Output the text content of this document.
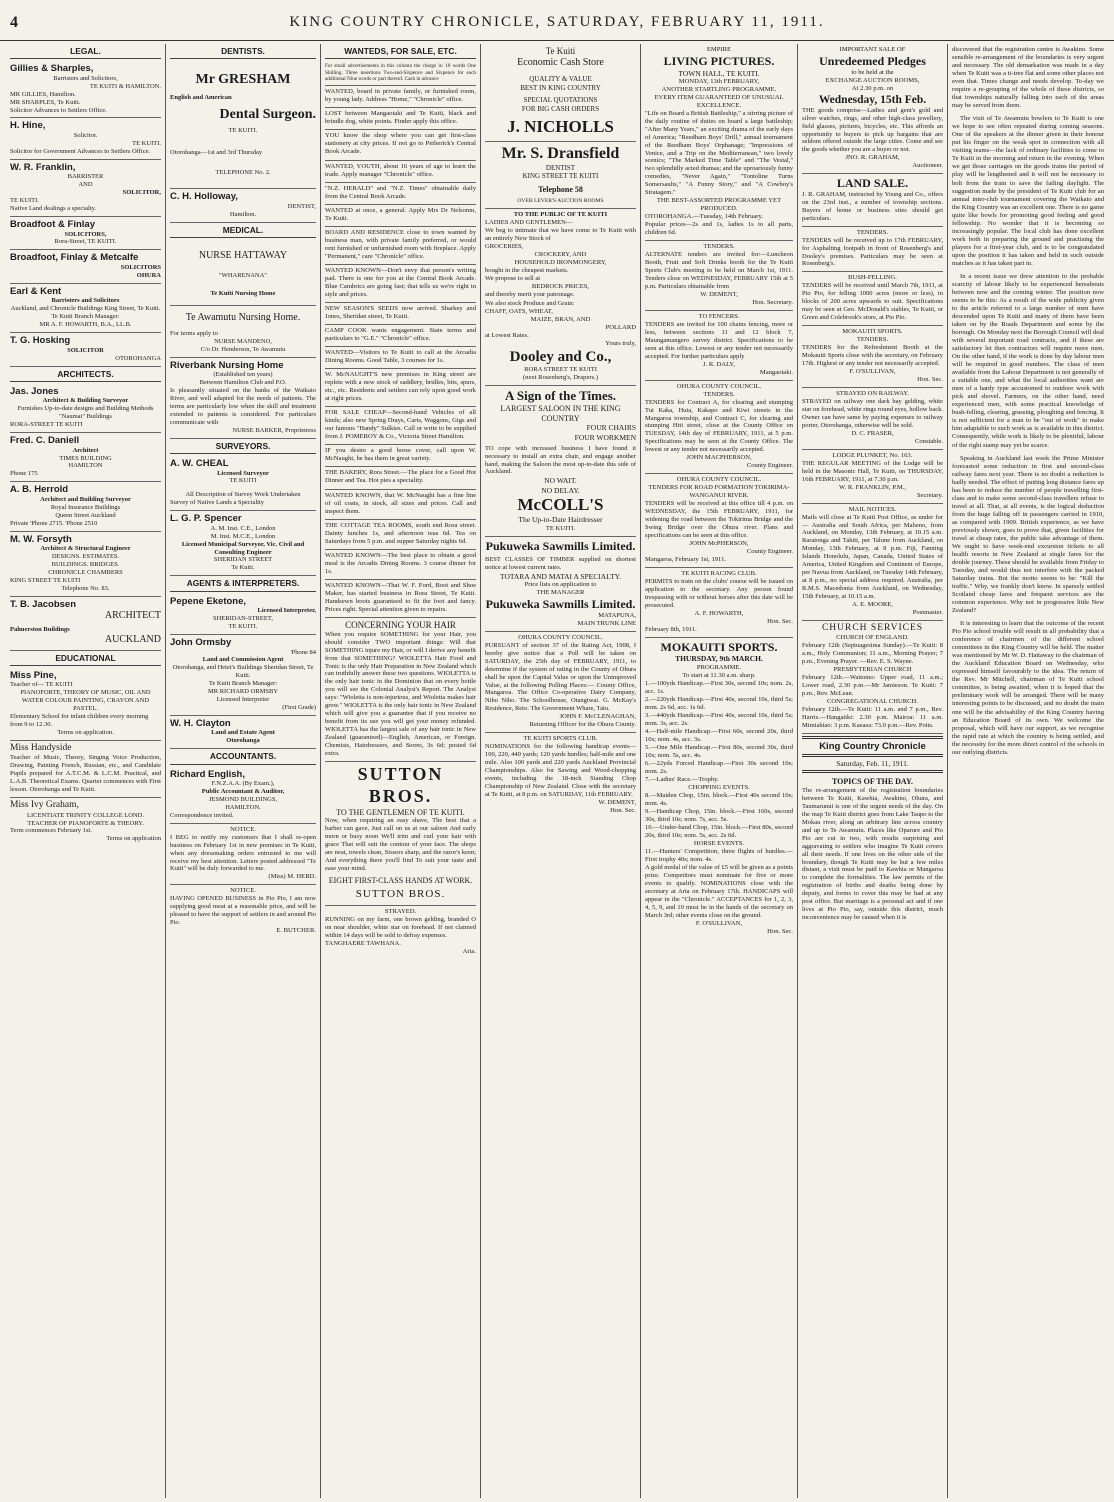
4	KING COUNTRY CHRONICLE, SATURDAY, FEBRUARY 11, 1911.
LEGAL.
Gillies & Sharples,
Barristers and Solicitors,
TE KUITI & HAMILTON.
MR GILLIES, Hamilton.
MR SHARPLES, Te Kuiti.
Solicitor Advances to Settlers Office.
H. Hine,
Solicitor.
TE KUITI.
Solicitor for Government Advances to Settlers Office.
W. R. Franklin,
BARRISTER
AND
SOLICITOR,
TE KUITI.
Native Land dealings a specialty.
Broadfoot & Finlay
SOLICITORS,
Rora-Street, TE KUITI.
Broadfoot, Finlay & Metcalfe
SOLICITORS
OHURA
Earl & Kent
Barristers and Solicitors
Auckland, and Chronicle Buildings King Street, Te Kuiti.
Te Kuiti Branch Manager:
MR A. F. HOWARTH, B.A., LL.B.
T. G. Hosking
SOLICITOR
OTOROHANGA
ARCHITECTS.
Jas. Jones
Architect & Building Surveyor
Furnishes Up-to-date designs and Building Methods
"Naumai" Buildings
RORA-STREET TE KUITI
Fred. C. Daniell
Architect
TIMES BUILDING
HAMILTON
Phone 175
A. B. Herrold
Architect and Building Surveyor
Royal Insurance Buildings
Queen Street Auckland
Private 'Phone 2715. 'Phone 2510
M. W. Forsyth
Architect & Structural Engineer
DESIGNS. ESTIMATES.
BUILDINGS. BRIDGES.
CHRONICLE CHAMBERS
KING STREET TE KUITI
Telephone No. 83.
T. B. Jacobsen
ARCHITECT
Palmerston Buildings
AUCKLAND
EDUCATIONAL
Miss Pine,
Teacher of— TE KUITI
PIANOFORTE, THEORY OF MUSIC, OIL AND WATER COLOUR PAINTING, CRAYON AND PASTEL.
Elementary School for infant children every morning from 9 to 12.30.
Terms on application.
Miss Handyside
Teacher of Music, Theory, Singing Voice Production, Drawing, Painting French, Russian, etc., and Candidate Pupils prepared for A.T.C.M. & L.C.M. Practical, and L.A.B. Theoretical Exams. Quarter commences with First lesson. Otorohanga and Te Kuiti.
Miss Ivy Graham,
LICENTIATE TRINITY COLLEGE LOND.
TEACHER OF PIANOFORTE & THEORY.
Term commences February 1st.
Terms on application
DENTISTS.
Mr GRESHAM
English and American
Dental Surgeon.
TE KUITI.
Otorohanga—1st and 3rd Thursday
TELEPHONE No. 2.
C. H. Holloway,
DENTIST,
Hamilton.
MEDICAL.
NURSE HATTAWAY
"WHARENANA"
Te Kuiti Nursing Home
Te Awamutu Nursing Home.
For terms apply to
NURSE MANDENO,
C/o Dr. Henderson, Te Awamutu
Riverbank Nursing Home
(Established ten years)
Between Hamilton Club and P.O.
Is pleasantly situated on the banks of the Waikato River, and well adapted for the needs of patients. The terms are particularly low when the skill and treatment extended to patients is considered. For particulars communicate with
NURSE BARKER, Proprietress
SURVEYORS.
A. W. CHEAL
Licensed Surveyor
TE KUITI
All Description of Survey Work Undertaken
Survey of Native Lands a Speciality
L. G. P. Spencer
A. M. Inst. C.E., London
M. Inst. M.C.E., London
Licensed Municipal Surveyor, Vic. Civil and Consulting Engineer
SHERIDAN STREET
Te Kuiti.
AGENTS & INTERPRETERS.
Pepene Eketone,
Licensed Interpreter,
SHERIDAN-STREET,
TE KUITI.
John Ormsby
'Phone 84
Land and Commission Agent
Otorohanga, and Hetet's Buildings Sheridan Street, Te Kuiti.
Te Kuiti Branch Manager:
MR RICHARD ORMSBY
Licensed Interpreter
(First Grade)
W. H. Clayton
Land and Estate Agent
Otorohanga
ACCOUNTANTS.
Richard English,
F.N.Z.A.A. (By Exam.),
Public Accountant & Auditor,
JESMOND BUILDINGS,
HAMILTON.
Correspondence invited.
NOTICE.
I BEG to notify my customers that I shall re-open business on February 1st in new premises in Te Kuiti, when any dressmaking orders entrusted to me will receive my best attention. Letters posted addressed "Te Kuiti" will be duly forwarded to me.
(Miss) M. HERD.
NOTICE.
HAVING OPENED BUSINESS in Pio Pio, I am now supplying good meat at a reasonable price, and will be pleased to have the support of settlers in and around Pio Pio.
E. BUTCHER.
WANTEDS, FOR SALE, ETC.
For small advertisements in this column the charge is: 18 words One Shilling. Three insertions Two-and-Sixpence and Sixpence for each additional Nine words or part thereof. Cash in advance
WANTED, board in private family, or furnished room, by young lady. Address "Home," "Chronicle" office.
LOST between Mangaotaki and Te Kuiti, black and brindle dog, white points. Finder apply this office.
YOU know the shop where you can get first-class stationery at city prices. If not go to Petherick's Central Book Arcade.
WANTED, YOUTH, about 16 years of age to learn the trade. Apply manager "Chronicle" office.
"N.Z. HERALD" and "N.Z. Times" obtainable daily from the Central Book Arcade.
WANTED at once, a general. Apply Mrs Dr Nelsonm, Te Kuiti.
BOARD AND RESIDENCE close to town wanted by business man, with private family preferred, or would rent furnished or unfurnished room with fireplace. Apply "Permanent," care "Chronicle" office.
WANTED KNOWN—Don't envy that person's writing pad. There is one for you at the Central Book Arcade. Blue Cambrics are going fast; that tells us we're right in style and prices.
NEW SEASON'S SEEDS now arrived. Sharkey and Jones, Sheridan street, Te Kuiti.
CAMP COOK wants engagement. State terms and particulars to "G.E." "Chronicle" office.
WANTED—Visitors to Te Kuiti to call at the Arcadia Dining Rooms. Good Table, 3 courses for 1s.
W. McNAUGHT'S new premises in King street are replete with a new stock of saddlery, bridles, bits, spurs, etc., etc. Residents and settlers can rely upon good work at right prices.
FOR SALE CHEAP—Second-hand Vehicles of all kinds; also new Spring Drays, Carts, Waggons, Gigs and our famous "Handy" Sulkies. Call or write to be supplied from J. POMEROY & Co., Victoria Street Hamilton.
IF you desire a good horse cover, call upon W. McNaught, he has them in great variety.
THE BAKERY, Rora Street.—The place for a Good Hot Dinner and Tea. Hot pies a speciality.
WANTED KNOWN, that W. McNaught has a fine line of oil coats, in stock, all sizes and prices. Call and inspect them.
THE COTTAGE TEA ROOMS, south end Rora street. Dainty lunches 1s, and afternoon teas 6d. Tea on Saturdays from 5 p.m. and supper Saturday nights 6d.
WANTED KNOWN—The best place to obtain a good meal is the Arcadis Dining Rooms. 3 course dinner for 1s.
WANTED KNOWN—That W. F. Ford, Boot and Shoe Maker, has started business in Rora Street, Te Kuiti. Handsewn boots guaranteed to fit the foot and fancy. Prices right. Special attention given to repairs.
CONCERNING YOUR HAIR
When you require SOMETHING for your Hair, you should consider TWO important things: Will that SOMETHING injure my Hair, or will I derive any benefit from that SOMETHING? WIOLETTA Hair Food and Tonic is the only Hair Preparation in New Zealand which can truthfully answer these two questions. WIOLETTA is the only hair tonic in the Dominion that on every bottle you will see the Colonial Analyst's Report. The Analyst says: "Wioletta is non-injurious, and Wioletta makes hair grow." WIOLETTA is the only hair tonic in New Zealand which will give you a guarantee that if you receive no benefit from its use you will get your money refunded. WIOLETTA has the largest sale of any hair tonic in New Zealand (guaranteed)—English, American, or Foreign. Chemists, Hairdressers, and Stores, 3s 6d; posted 6d extra.
SUTTON BROS.
TO THE GENTLEMEN OF TE KUITI.
Now, when requiring an easy shave, The best that a barber can gave, Just call on us at our saloon And early morn or busy noon We'll trim and curl your hair with grace That will suit the contour of your face. The shops are neat, towels clean, Sissors sharp, and the razor's keen; And everything there you'll find To suit your taste and ease your mind.
EIGHT FIRST-CLASS HANDS AT WORK.
SUTTON BROS.
STRAYED.
RUNNING on my farm, one brown gelding, branded O on near shoulder, white star on forehead. If not claimed within 14 days will be sold to defray expenses.
TANGHAERE TAWHANA.
Aria.
Te Kuiti
Economic Cash Store
QUALITY & VALUE
BEST IN KING COUNTRY
SPECIAL QUOTATIONS
FOR BIG CASH ORDERS
J. NICHOLLS
Mr. S. Dransfield
DENTIST
KING STREET TE KUITI
Telephone 58
OVER LEVER'S AUCTION ROOMS
TO THE PUBLIC OF TE KUITI
LADIES AND GENTLEMEN—
We beg to intimate that we have come to Te Kuiti with an entirely New Stock of
GROCERIES,
CROCKERY, AND
HOUSEHOLD IRONMONGERY,
bought in the cheapest markets.
We propose to sell at
BEDROCK PRICES,
and thereby merit your patronage.
We also stock Produce and Grain:
CHAFF, OATS, WHEAT,
MAIZE, BRAN, AND
POLLARD
at Lowest Rates.
Yours truly,
Dooley and Co.,
RORA STREET TE KUITI
(next Rosenberg's, Drapers.)
A Sign of the Times.
LARGEST SALOON IN THE KING COUNTRY
FOUR CHAIRS
FOUR WORKMEN
TO cope with increased business I have found it necessary to install an extra chair, and engage another hand, making the Saloon the most up-to-date this side of Auckland.
NO WAIT.
NO DELAY.
McCOLL'S
The Up-to-Date Hairdresser
TE KUITI.
Pukuweka Sawmills Limited.
BEST CLASSES OF TIMBER supplied on shortest notice at lowest current rates.
TOTARA AND MATAI A SPECIALTY.
Price lists on application to
THE MANAGER
Pukuweka Sawmills Limited.
MATAPUNA,
MAIN TRUNK LINE
OHURA COUNTY COUNCIL.
PURSUANT of section 37 of the Rating Act, 1908, I hereby give notice that a Poll will be taken on SATURDAY, the 25th day of FEBRUARY, 1911, to determine if the system of rating in the County of Ohura shall be upon the Capital Value or upon the Unimproved Value, at the following Polling Places:— County Office, Mangaroa. The Office Co-operative Dairy Company, Niho Niho. The Schoolhouse, Otangiwai. G. McKay's Residence, Reto. The Government Whare, Tatu.
JOHN F. McCLENAGHAN,
Returning Officer for the Ohura County.
TE KUITI SPORTS CLUB.
NOMINATIONS for the following handicap events— 100, 220, 440 yards; 120 yards hurdles; half-mile and one mile. Also 100 yards and 220 yards Auckland Provincial Championships. Also for Sawing and Wood-chopping events, including the 18-inch Standing Chop Championship of New Zealand. Close with the secretary at Te Kuiti, at 8 p.m. on SATURDAY, 11th FEBRUARY.
W. DEMENT,
Hon. Sec.
EMPIRE
LIVING PICTURES.
TOWN HALL, TE KUITI.
MONDAY, 13th FEBRUARY,
ANOTHER STARTLING PROGRAMME.
EVERY ITEM GUARANTEED OF UNUSUAL EXCELLENCE.
"Life on Board a British Battleship," a stirring picture of the daily routine of duties on board a large battleship; "After Many Years," an exciting drama of the early days of America; "Reedham Boys' Drill," annual tournament of the Reedham Boys' Orphanage; "Impressions of Venice, and a Trip on the Mediterranean," two lovely scenics; "The Marked Time Table" and "The Vestal," two splendidly acted dramas; and the uproariously funny comedies, "Never Again," "Tontoline Turns Somersaults," "A Funny Story," and "A Cowboy's Stratagem."
THE BEST-ASSORTED PROGRAMME YET PRODUCED.
OTOROHANGA.—Tuesday, 14th February.
Popular prices—2s and 1s, ladies 1s to all parts, children 6d.
TENDERS.
ALTERNATE tenders are invited for:—Luncheon Booth, Fruit and Soft Drinks booth for the Te Kuiti Sports Club's meeting to be held on March 1st, 1911. Tenders close on WEDNESDAY, FEBRUARY 15th at 5 p.m. Particulars obtainable from
W. DEMENT,
Hon. Secretary.
TO FENCERS.
TENDERS are invited for 100 chains fencing, more or less, between sections 11 and 12 block 7, Maungamangero survey district. Specifications to be seen at this office. Lowest or any tender not necessarily accepted. For further particulars apply
J. R. DALY,
Mangaotaki.
OHURA COUNTY COUNCIL.
TENDERS.
TENDERS for Contract A, for clearing and stumping Tui Kaka, Huia, Kakapo and Kiwi streets in the Mangaroa township, and Contract C, for clearing and stumping Hiti street, close at the County Office on TUESDAY, 14th day of FEBRUARY, 1911, at 5 p.m. Specifications may be seen at the County Office. The lowest or any tender not necessarily accepted.
JOHN MACPHERSON,
County Engineer.
OHURA COUNTY COUNCIL.
TENDERS FOR ROAD FORMATION TOKIRIMA-WANGANUI RIVER.
TENDERS will be received at this office till 4 p.m. on WEDNESDAY, the 15th FEBRUARY, 1911, for widening the road between the Tokirima Bridge and the Swing Bridge over the Ohura river. Plans and specifications can be seen at this office.
JOHN McPHERSON,
County Engineer.
Mangaroa, February 1st, 1911.
TE KUITI RACING CLUB.
PERMITS to train on the clubs' course will be issued on application to the secretary. Any person found trespassing with or without horses after this date will be prosecuted.
A. F. HOWARTH,
Hon. Sec.
February 8th, 1911.
MOKAUITI SPORTS.
THURSDAY, 9th MARCH.
PROGRAMME.
To start at 11.30 a.m. sharp.
1.—100yds Handicap.—First 30s, second 10s; nom. 2s, acc. 1s.
2.—220yds Handicap.—First 40s, second 10s, third 5s; nom. 2s 6d, acc. 1s 6d.
3.—440yds Handicap.—First 40s, second 10s, third 5s; nom. 3s, acc. 2s.
4.—Half-mile Handicap.—First 60s, second 20s, third 10s; nom. 4s, acc. 3s.
5.—One Mile Handicap.—First 80s, second 30s, third 10s; nom. 5s, acc. 4s.
6.—22yds Forced Handicap.—First 30s second 10s; nom. 2s.
7.—Ladies' Race.—Trophy.
CHOPPING EVENTS.
8.—Maiden Chop, 15in. block.—First 40s second 10s; nom. 4s.
9.—Handicap Chop, 15in. block.—First 160s, second 30s, third 10s; nom. 7s, acc. 5s.
10.—Under-hand Chop, 15in. block.—First 80s, second 20s, third 10s; nom. 5s, acc. 2s 6d.
HORSE EVENTS.
11.—Hunters' Competition, three flights of hurdles.—First trophy 40s; nom. 4s.
A gold medal of the value of £5 will be given as a points prize. Competitors must nominate for five or more events to qualify. NOMINATIONS close with the secretary at Aria on February 17th. HANDICAPS will appear in the "Chronicle." ACCEPTANCES for 1, 2, 3, 4, 5, 9, and 10 must be in the hands of the secretary on March 3rd; other events close on the ground.
F. O'SULLIVAN,
Hon. Sec.
IMPORTANT SALE OF
Unredeemed Pledges
to be held at the
EXCHANGE AUCTION ROOMS,
At 2.30 p.m. on
Wednesday, 15th Feb.
THE goods comprise—Ladies and gent's gold and silver watches, rings, and other high-class jewellery, field glasses, pictures, bicycles, etc. This affords an opportunity to buyers to pick up bargains that are seldom offered outside the large cities. Come and see the goods whether you are a buyer or not.
JNO. R. GRAHAM,
Auctioneer.
LAND SALE.
J. R. GRAHAM, instructed by Young and Co., offers on the 23rd inst., a number of township sections. Buyers of home or business sites should get particulars.
TENDERS.
TENDERS will be received up to 17th FEBRUARY, for Asphalting footpath in front of Rosenberg's and Dooley's premises. Particulars may be seen at Rosenberg's.
BUSH-FELLING.
TENDERS will be received until March 7th, 1911, at Pio Pio, for felling 1000 acres (more or less), in blocks of 200 acres upwards to suit. Specifications may be seen at Geo. McDonald's stables, Te Kuiti, or Green and Colebrook's store, at Pio Pio.
MOKAUITI SPORTS.
TENDERS.
TENDERS for the Refreshment Booth at the Mokauiti Sports close with the secretary, on February 17th. Highest or any tender not necessarily accepted.
F. O'SULLIVAN,
Hon. Sec.
STRAYED ON RAILWAY.
STRAYED on railway one dark bay gelding, white star on forehead, white rings round eyes, hollow back. Owner can have same by paying expenses to railway porter, Otorohanga, otherwise will be sold.
D. C. FRASER,
Constable.
LODGE PLUNKET, No. 163.
THE REGULAR MEETING of the Lodge will be held in the Masonic Hall, Te Kuiti, on THURSDAY, 16th FEBRUARY, 1911, at 7.30 p.m.
W. R. FRANKLIN, P.M.,
Secretary.
MAIL NOTICES.
Mails will close at Te Kuiti Post Office, as under for— Australia and South Africa, per Maheno, from Auckland, on Monday, 13th February, at 10.15 a.m. Raratonga and Tahiti, per Talune from Auckland, on Monday, 13th February, at 8 p.m. Fiji, Fanning Islands Honolulu, Japan, Canada, United States of America, United Kingdom and Continent of Europe, per Navua from Auckland, on Tuesday 14th February, at 8 p.m., no special address required. Australia, per R.M.S. Macedonia from Auckland, on Wednesday, 15th February, at 10.15 a.m.
A. E. MOORE,
Postmaster.
CHURCH SERVICES
CHURCH OF ENGLAND.
February 12th (Septuagesima Sunday).—Te Kuiti: 8 a.m., Holy Communion; 11 a.m., Morning Prayer; 7 p.m., Evening Prayer. —Rev. E. S. Wayne.
PRESBYTERIAN CHURCH
February 12th.—Waitomo: Upper road, 11 a.m.; Lower road, 2.30 p.m.—Mr Jamieson. Te Kuiti: 7 p.m., Rev. McLean.
CONGREGATIONAL CHURCH.
February 12th.—Te Kuiti: 11 a.m. and 7 p.m., Rev. Harris.—Hangatiki: 2.30 p.m. Mairoa: 11 a.m. Mimiahiao: 3 p.m. Kaeaea: 73.0 p.m.—Rev. Potts.
King Country Chronicle
Saturday, Feb. 11, 1911.
TOPICS OF THE DAY.
The re-arrangement of the registration boundaries between Te Kuiti, Kawhia, Awakino, Ohura, and Taumarunui is one of the urgent needs of the day. On the map Te Kuiti district goes from Lake Taupo to the Mokau river, along an arbitrary line across country and up to Te Awamutu. Places like Oparure and Pio Pio are cut in two, with results surprising and aggravating to settlers who imagine Te Kuiti covers all their needs. If one lives on the other side of the boundary, though Te Kuiti may be but a few miles distant, a visit must be paid to Kawhia or Mangaroa to complete the formalities. The law permits of the registration of births and deaths being done by deputy, and forms to cover this may be had at any post office. But marriage is a personal act and if one lives at Pio Pio, say, outside this district, much inconvenience may be caused when it is
discovered that the registration centre is Awakino. Some sensible re-arrangement of the boundaries is very urgent and necessary. The old demarkation was made in a day when Te Kuiti was a ti-tree flat and some other places not even that. Times change and needs develop. To-day we require a re-grouping of the whole of these districts, so that townships naturally falling into each of the areas may be served from them.
The visit of Te Awamutu bowlers to Te Kuiti is one we hope to see often repeated during coming seasons. One of the speakers at the dinner given in their honour put his finger on the weak spot in connection with all visiting teams—the lack of ordinary facilities to come to Te Kuiti in the morning and return in the evening. When we get those carriages on the goods trains the period of play will be lengthened and it will not be necessary to bolt from the train to save the failing daylight. The suggestion made by the president of Te Kuiti club for an annual inter-club tournament covering the Waikato and the King Country was an excellent one. There is no game quite like bowls for promoting good feeling and good fellowship. No wonder that it is becoming so increasingly popular. The local club has done excellent work both in preparing the ground and practising the players for a first-year club, and is to be congratulated upon the position it has taken and held in such outside matches as it has taken part in.
In a recent issue we drew attention to the probable scarcity of labour likely to be experienced hereabouts between now and the coming winter. The position now seems to be this: As a result of the wide publicity given to the article referred to a large number of men have descended upon Te Kuiti and many of them have been taken on by the Roads Department and some by the borough. On Monday next the Borough Council will deal with several important road contracts, and if these are satisfactory let then contractors will require more men. On the other hand, if the work is done by day labour men will be required in good numbers. The class of men available from the Labour Department is not generally of a suitable one, and what the local authorities want are men of a hardy type accustomed to outdoor work with pick and shovel. Farmers, on the other hand, need experienced men, with some practical knowledge of bush-felling, clearing, grassing, ploughing and fencing. It is not sufficient for a man to be "out of work" to make him adaptable to such work as is available in this district. Consequently, while work is likely to be plentiful, labour of the right stamp may yet be scarce.
Speaking in Auckland last week the Prime Minister forecasted some reduction in first and second-class railway fares next year. There is no doubt a reduction is badly needed. The effect of putting long distance fares up has been to reduce the number of people travelling first-class and to make some second-class travellers refuse to travel at all. That, at all events, is the logical deduction from the huge falling off in passengers carried in 1910, as compared with 1909. British experience, as we have previously shown, goes to prove that, given facilities for travel at cheap rates, the public take advantage of them. We ought to have week-end excursion tickets to all health resorts in New Zealand at single fares for the double journey. These should be available from Friday to Tuesday, and would thus not interfere with the packed Saturday trains. But the motto seems to be: "Kill the traffic." Why, we frankly don't know. In sparsely settled Scotland cheap fares and frequent services are the common experience. Why not in progressive little New Zealand?
It is interesting to learn that the outcome of the recent Pio Pio school trouble will result in all probability that a conference of chairmen of the different school committees in the King Country will be held. The matter was mentioned by Mr W. D. Hattaway to the chairman of the Auckland Education Board on Wednesday, who expressed himself favourably to the idea. The return of the Rev. Mr Mitchell, chairman of Te Kuiti school committee, is being awaited, when it is hoped that the preliminary work will be arranged. There will be many interesting points to be discussed, and no doubt the main one will be the advisability of the King Country having an Education Board of its own. We welcome the proposal, which will have our support, as we recognise the rapid rate at which the country is being settled, and the necessity for the more direct control of the schools in our outlying districts.
